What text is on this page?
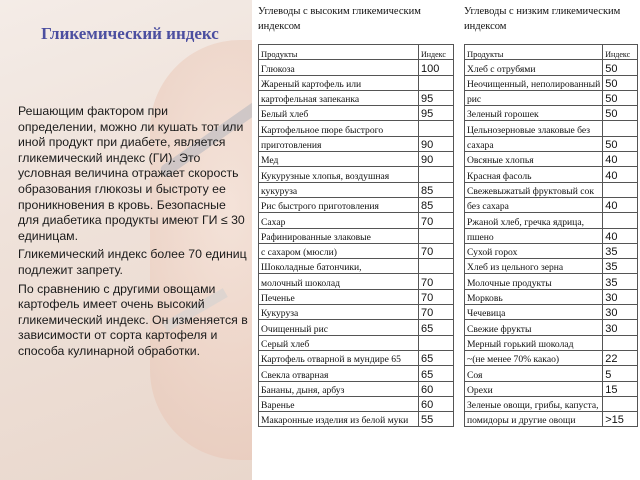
Гликемический индекс

Решающим фактором при определении, можно ли кушать тот или иной продукт при диабете, является гликемический индекс (ГИ). Это условная величина отражает скорость образования глюкозы и быстроту ее проникновения в кровь. Безопасные для диабетика продукты имеют ГИ ≤ 30 единицам.

Гликемический индекс более 70 единиц подлежит запрету.

По сравнению с другими овощами картофель имеет очень высокий гликемический индекс. Он изменяется в зависимости от сорта картофеля и способа кулинарной обработки.

Углеводы с высоким гликемическим индексом
Продукты	Индекс
Глюкоза	100
Жареный картофель или	
картофельная запеканка	95
Белый хлеб	95
Картофельное пюре быстрого	
приготовления	90
Мед	90
Кукурузные хлопья, воздушная	
кукуруза	85
Рис быстрого приготовления	85
Сахар	70
Рафинированные злаковые	
с сахаром (мюсли)	70
Шоколадные батончики,	
молочный шоколад	70
Печенье	70
Кукуруза	70
Очищенный рис	65
Серый хлеб	
Картофель отварной в мундире 65	65
Свекла отварная	65
Бананы, дыня, арбуз	60
Варенье	60
Макаронные изделия из белой муки	55
Углеводы с низким гликемическим индексом
Продукты	Индекс
Хлеб с отрубями	50
Неочищенный, неполированный	50
рис	50
Зеленый горошек	50
Цельнозерновые злаковые без	
сахара	50
Овсяные хлопья	40
Красная фасоль	40
Свежевыжатый фруктовый сок	
без сахара	40
Ржаной хлеб, гречка ядрица,	
пшено	40
Сухой горох	35
Хлеб из цельного зерна	35
Молочные продукты	35
Морковь	30
Чечевица	30
Свежие фрукты	30
Мерный горький шоколад	
~(не менее 70% какао)	22
Соя	5
Орехи	15
Зеленые овощи, грибы, капуста,	
помидоры и другие овощи	>15
